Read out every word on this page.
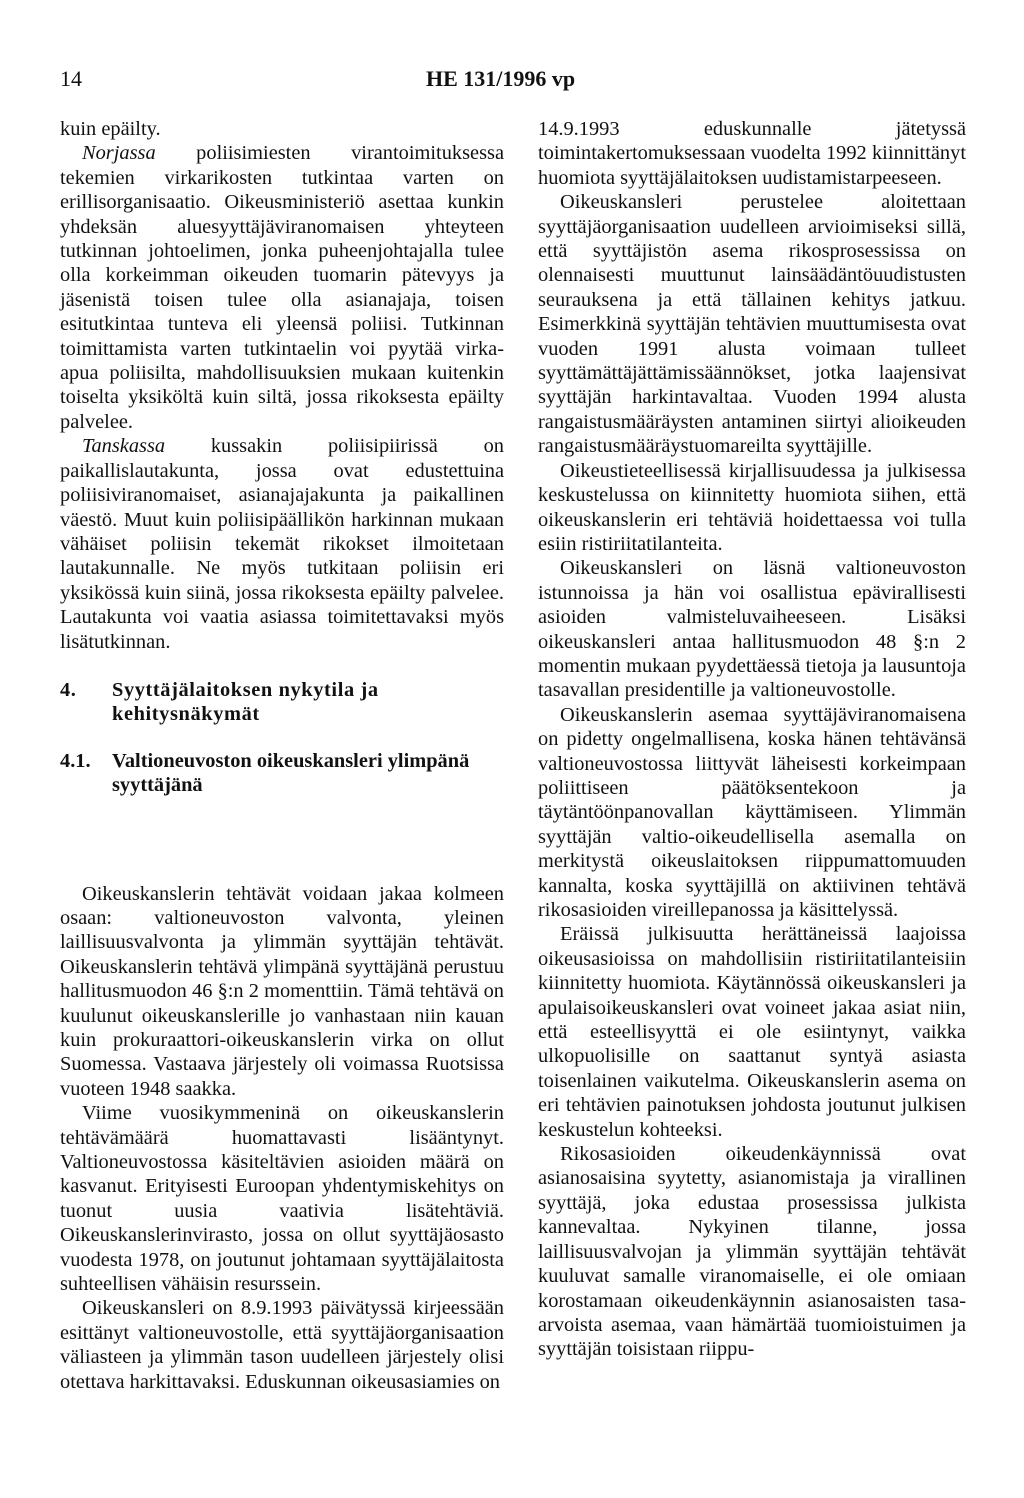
14	HE 131/1996 vp

kuin epäilty.

Norjassa poliisimiesten virantoimituksessa tekemien virkarikosten tutkintaa varten on erillisorganisaatio. Oikeusministeriö asettaa kunkin yhdeksän aluesyyttäjäviranomaisen yhteyteen tutkinnan johtoelimen, jonka puheenjohtajalla tulee olla korkeimman oikeuden tuomarin pätevyys ja jäsenistä toisen tulee olla asianajaja, toisen esitutkintaa tunteva eli yleensä poliisi. Tutkinnan toimittamista varten tutkintaelin voi pyytää virka-apua poliisilta, mahdollisuuksien mukaan kuitenkin toiselta yksiköltä kuin siltä, jossa rikoksesta epäilty palvelee.

Tanskassa kussakin poliisipiirissä on paikallislautakunta, jossa ovat edustettuina poliisiviranomaiset, asianajajakunta ja paikallinen väestö. Muut kuin poliisipäällikön harkinnan mukaan vähäiset poliisin tekemät rikokset ilmoitetaan lautakunnalle. Ne myös tutkitaan poliisin eri yksikössä kuin siinä, jossa rikoksesta epäilty palvelee. Lautakunta voi vaatia asiassa toimitettavaksi myös lisätutkinnan.

4.	Syyttäjälaitoksen nykytila ja kehitysnäkymät
4.1.	Valtioneuvoston oikeuskansleri ylimpänä syyttäjänä

Oikeuskanslerin tehtävät voidaan jakaa kolmeen osaan: valtioneuvoston valvonta, yleinen laillisuusvalvonta ja ylimmän syyttäjän tehtävät. Oikeuskanslerin tehtävä ylimpänä syyttäjänä perustuu hallitusmuodon 46 §:n 2 momenttiin. Tämä tehtävä on kuulunut oikeuskanslerille jo vanhastaan niin kauan kuin prokuraattori-oikeuskanslerin virka on ollut Suomessa. Vastaava järjestely oli voimassa Ruotsissa vuoteen 1948 saakka.

Viime vuosikymmeninä on oikeuskanslerin tehtävämäärä huomattavasti lisääntynyt. Valtioneuvostossa käsiteltävien asioiden määrä on kasvanut. Erityisesti Euroopan yhdentymiskehitys on tuonut uusia vaativia lisätehtäviä. Oikeuskanslerinvirasto, jossa on ollut syyttäjäosasto vuodesta 1978, on joutunut johtamaan syyttäjälaitosta suhteellisen vähäisin resurssein.

Oikeuskansleri on 8.9.1993 päivätyssä kirjeessään esittänyt valtioneuvostolle, että syyttäjäorganisaation väliasteen ja ylimmän tason uudelleen järjestely olisi otettava harkittavaksi. Eduskunnan oikeusasiamies on

14.9.1993 eduskunnalle jätetyssä toimintakertomuksessaan vuodelta 1992 kiinnittänyt huomiota syyttäjälaitoksen uudistamistarpeeseen.

Oikeuskansleri perustelee aloitettaan syyttäjäorganisaation uudelleen arvioimiseksi sillä, että syyttäjistön asema rikosprosessissa on olennaisesti muuttunut lainsäädäntöuudistusten seurauksena ja että tällainen kehitys jatkuu. Esimerkkinä syyttäjän tehtävien muuttumisesta ovat vuoden 1991 alusta voimaan tulleet syyttämättäjättämissäännökset, jotka laajensivat syyttäjän harkintavaltaa. Vuoden 1994 alusta rangaistusmääräysten antaminen siirtyi alioikeuden rangaistusmääräystuomareilta syyttäjille.

Oikeustieteellisessä kirjallisuudessa ja julkisessa keskustelussa on kiinnitetty huomiota siihen, että oikeuskanslerin eri tehtäviä hoidettaessa voi tulla esiin ristiriitatilanteita.

Oikeuskansleri on läsnä valtioneuvoston istunnoissa ja hän voi osallistua epävirallisesti asioiden valmisteluvaiheeseen. Lisäksi oikeuskansleri antaa hallitusmuodon 48 §:n 2 momentin mukaan pyydettäessä tietoja ja lausuntoja tasavallan presidentille ja valtioneuvostolle.

Oikeuskanslerin asemaa syyttäjäviranomaisena on pidetty ongelmallisena, koska hänen tehtävänsä valtioneuvostossa liittyvät läheisesti korkeimpaan poliittiseen päätöksentekoon ja täytäntöönpanovallan käyttämiseen. Ylimmän syyttäjän valtio-oikeudellisella asemalla on merkitystä oikeuslaitoksen riippumattomuuden kannalta, koska syyttäjillä on aktiivinen tehtävä rikosasioiden vireillepanossa ja käsittelyssä.

Eräissä julkisuutta herättäneissä laajoissa oikeusasioissa on mahdollisiin ristiriitatilanteisiin kiinnitetty huomiota. Käytännössä oikeuskansleri ja apulaisoikeuskansleri ovat voineet jakaa asiat niin, että esteellisyyttä ei ole esiintynyt, vaikka ulkopuolisille on saattanut syntyä asiasta toisenlainen vaikutelma. Oikeuskanslerin asema on eri tehtävien painotuksen johdosta joutunut julkisen keskustelun kohteeksi.

Rikosasioiden oikeudenkäynnissä ovat asianosaisina syytetty, asianomistaja ja virallinen syyttäjä, joka edustaa prosessissa julkista kannevaltaa. Nykyinen tilanne, jossa laillisuusvalvojan ja ylimmän syyttäjän tehtävät kuuluvat samalle viranomaiselle, ei ole omiaan korostamaan oikeudenkäynnin asianosaisten tasa-arvoista asemaa, vaan hämärtää tuomioistuimen ja syyttäjän toisistaan riippu-
